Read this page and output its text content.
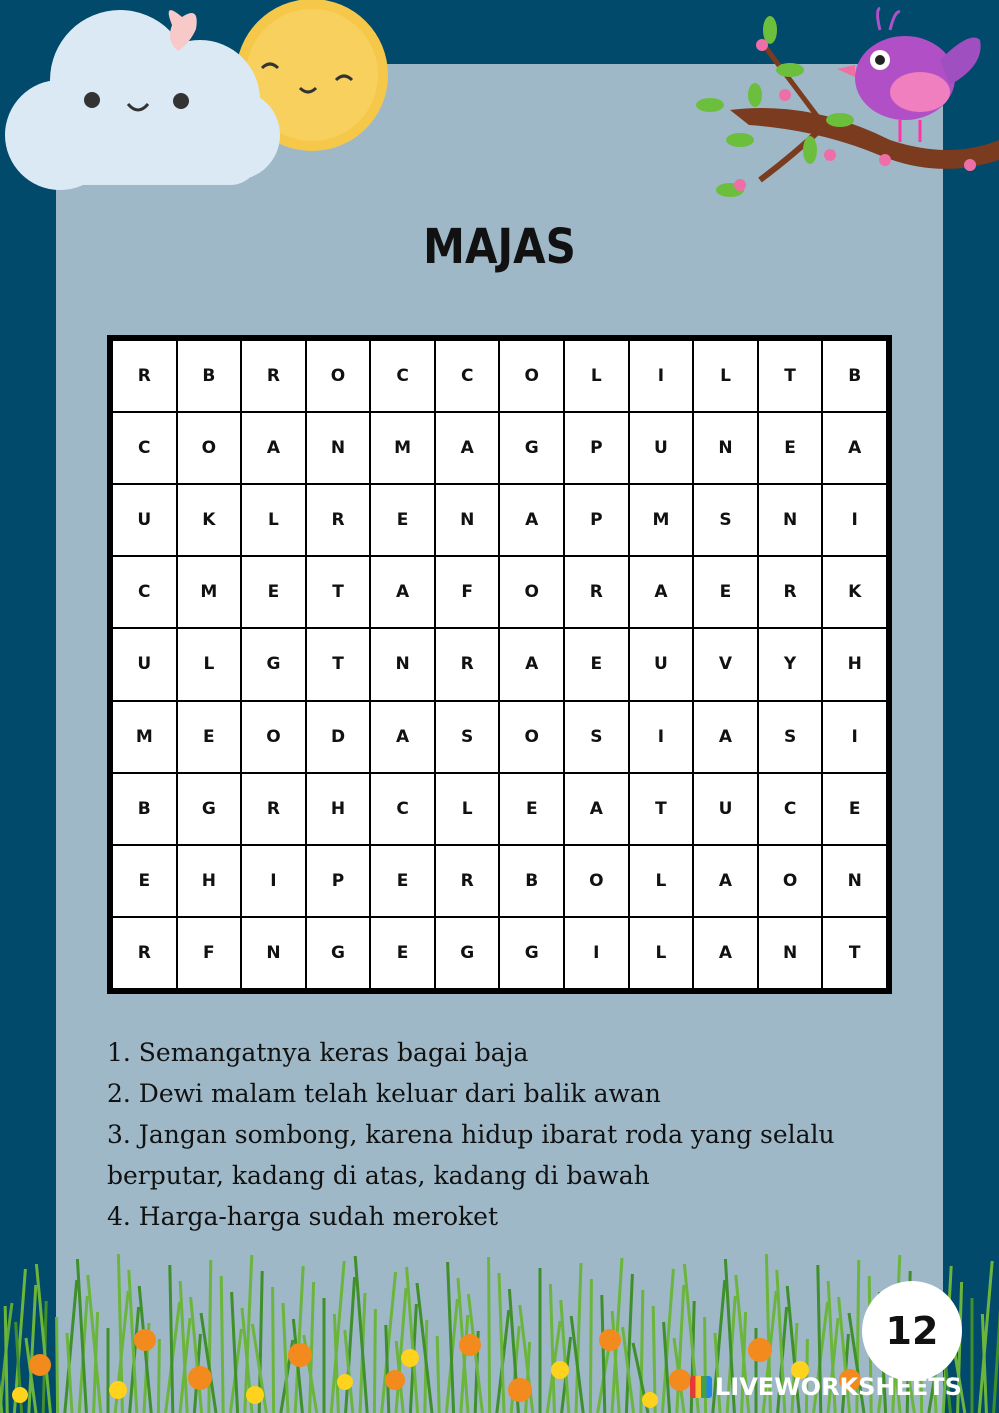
MAJAS
R	B	R	O	C	C	O	L	I	L	T	B
C	O	A	N	M	A	G	P	U	N	E	A
U	K	L	R	E	N	A	P	M	S	N	I
C	M	E	T	A	F	O	R	A	E	R	K
U	L	G	T	N	R	A	E	U	V	Y	H
M	E	O	D	A	S	O	S	I	A	S	I
B	G	R	H	C	L	E	A	T	U	C	E
E	H	I	P	E	R	B	O	L	A	O	N
R	F	N	G	E	G	G	I	L	A	N	T
1. Semangatnya keras bagai baja
2. Dewi malam telah keluar dari balik awan
3. Jangan sombong, karena hidup ibarat roda yang selalu
berputar, kadang di atas, kadang di bawah
4. Harga-harga sudah meroket
12
LIVEWORKSHEETS
